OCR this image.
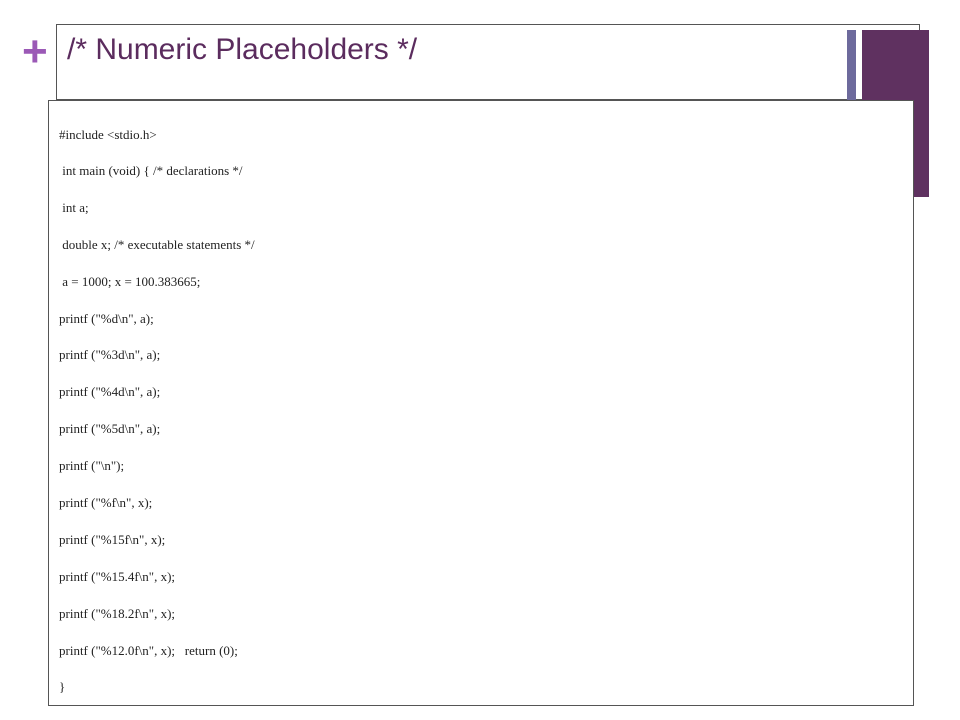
+ /* Numeric Placeholders */
#include <stdio.h>
int main (void) { /* declarations */
int a;
double x; /* executable statements */
a = 1000; x = 100.383665;
printf ("%d\n", a);
printf ("%3d\n", a);
printf ("%4d\n", a);
printf ("%5d\n", a);
printf ("\n");
printf ("%f\n", x);
printf ("%15f\n", x);
printf ("%15.4f\n", x);
printf ("%18.2f\n", x);
printf ("%12.0f\n", x);   return (0);
}
